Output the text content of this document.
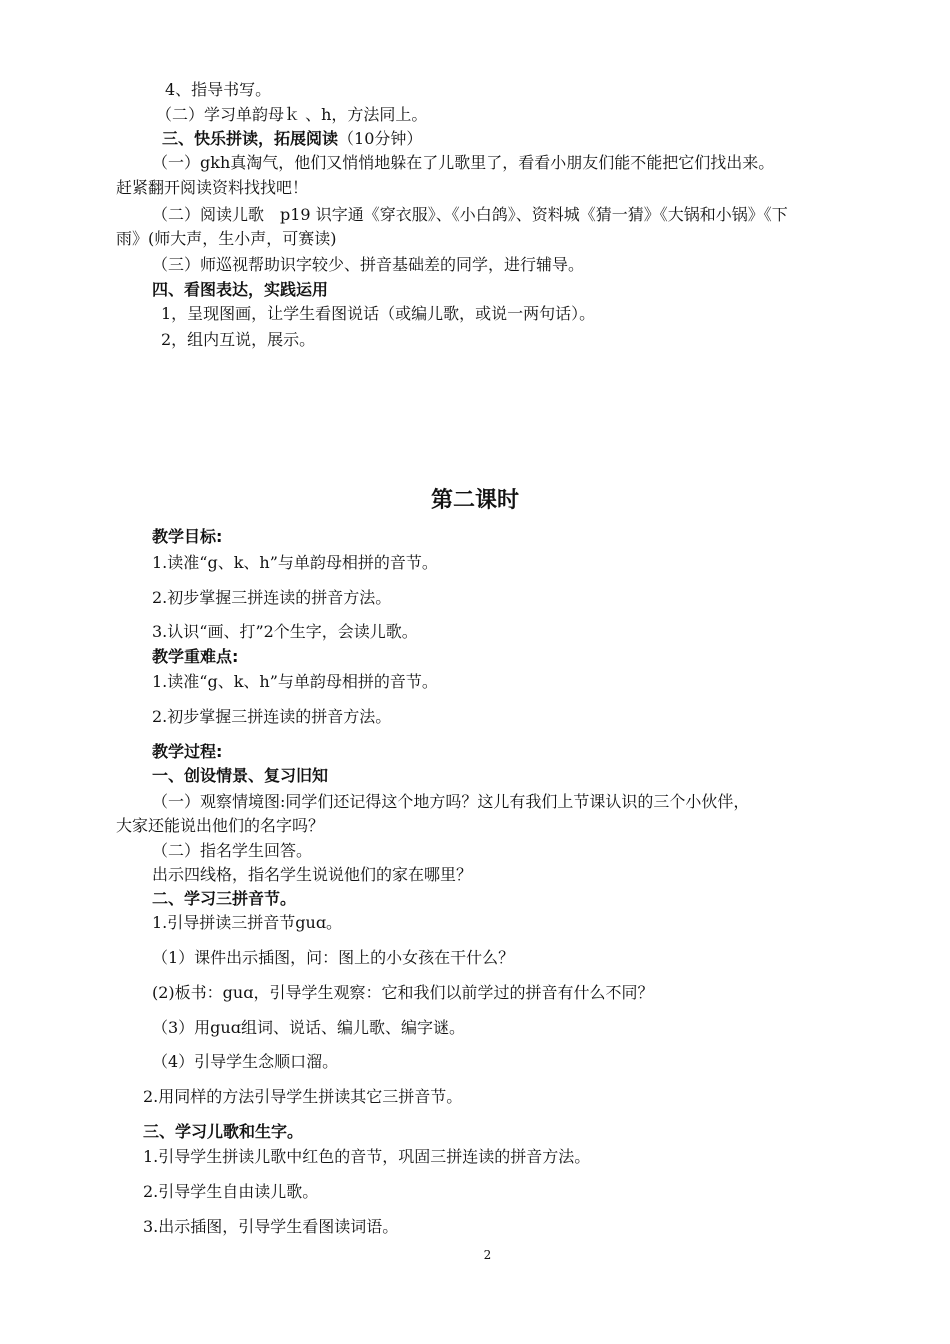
4、指导书写。
（二）学习单韵母ｋ 、h，方法同上。
三、快乐拼读，拓展阅读（10分钟）
（一）gkh真淘气，他们又悄悄地躲在了儿歌里了，看看小朋友们能不能把它们找出来。
赶紧翻开阅读资料找找吧！
（二）阅读儿歌　p19 识字通《穿衣服》、《小白鸽》、资料城《猜一猜》《大锅和小锅》《下
雨》(师大声，生小声，可赛读)
（三）师巡视帮助识字较少、拼音基础差的同学，进行辅导。
四、看图表达，实践运用
1，呈现图画，让学生看图说话（或编儿歌，或说一两句话）。
2，组内互说，展示。
第二课时
教学目标:
1.读准“g、k、h”与单韵母相拼的音节。
2.初步掌握三拼连读的拼音方法。
3.认识“画、打”2个生字，会读儿歌。
教学重难点:
1.读准“g、k、h”与单韵母相拼的音节。
2.初步掌握三拼连读的拼音方法。
教学过程:
一、创设情景、复习旧知
（一）观察情境图:同学们还记得这个地方吗？这儿有我们上节课认识的三个小伙伴，
大家还能说出他们的名字吗？
（二）指名学生回答。
出示四线格，指名学生说说他们的家在哪里？
二、学习三拼音节。
1.引导拼读三拼音节guɑ。
（1）课件出示插图，问：图上的小女孩在干什么？
(2)板书：guɑ，引导学生观察：它和我们以前学过的拼音有什么不同？
（3）用guɑ组词、说话、编儿歌、编字谜。
（4）引导学生念顺口溜。
2.用同样的方法引导学生拼读其它三拼音节。
三、学习儿歌和生字。
1.引导学生拼读儿歌中红色的音节，巩固三拼连读的拼音方法。
2.引导学生自由读儿歌。
3.出示插图，引导学生看图读词语。
2
